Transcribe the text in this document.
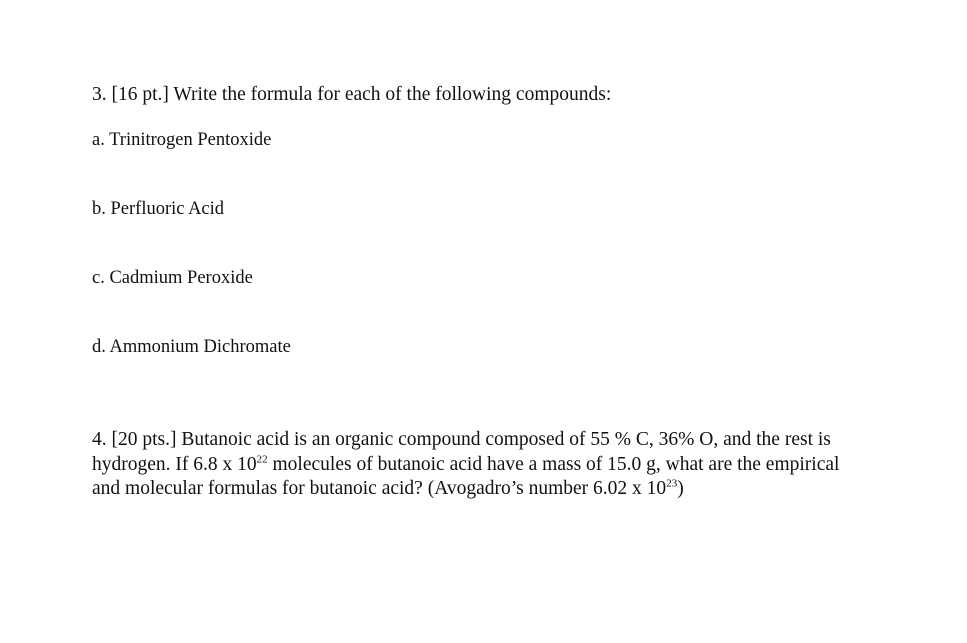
3. [16 pt.] Write the formula for each of the following compounds:
a. Trinitrogen Pentoxide
b. Perfluoric Acid
c. Cadmium Peroxide
d. Ammonium Dichromate
4. [20 pts.] Butanoic acid is an organic compound composed of 55 % C, 36% O, and the rest is
hydrogen. If 6.8 x $10^{22}$ molecules of butanoic acid have a mass of 15.0 g, what are the empirical
and molecular formulas for butanoic acid? (Avogadro’s number 6.02 x $10^{23}$)
